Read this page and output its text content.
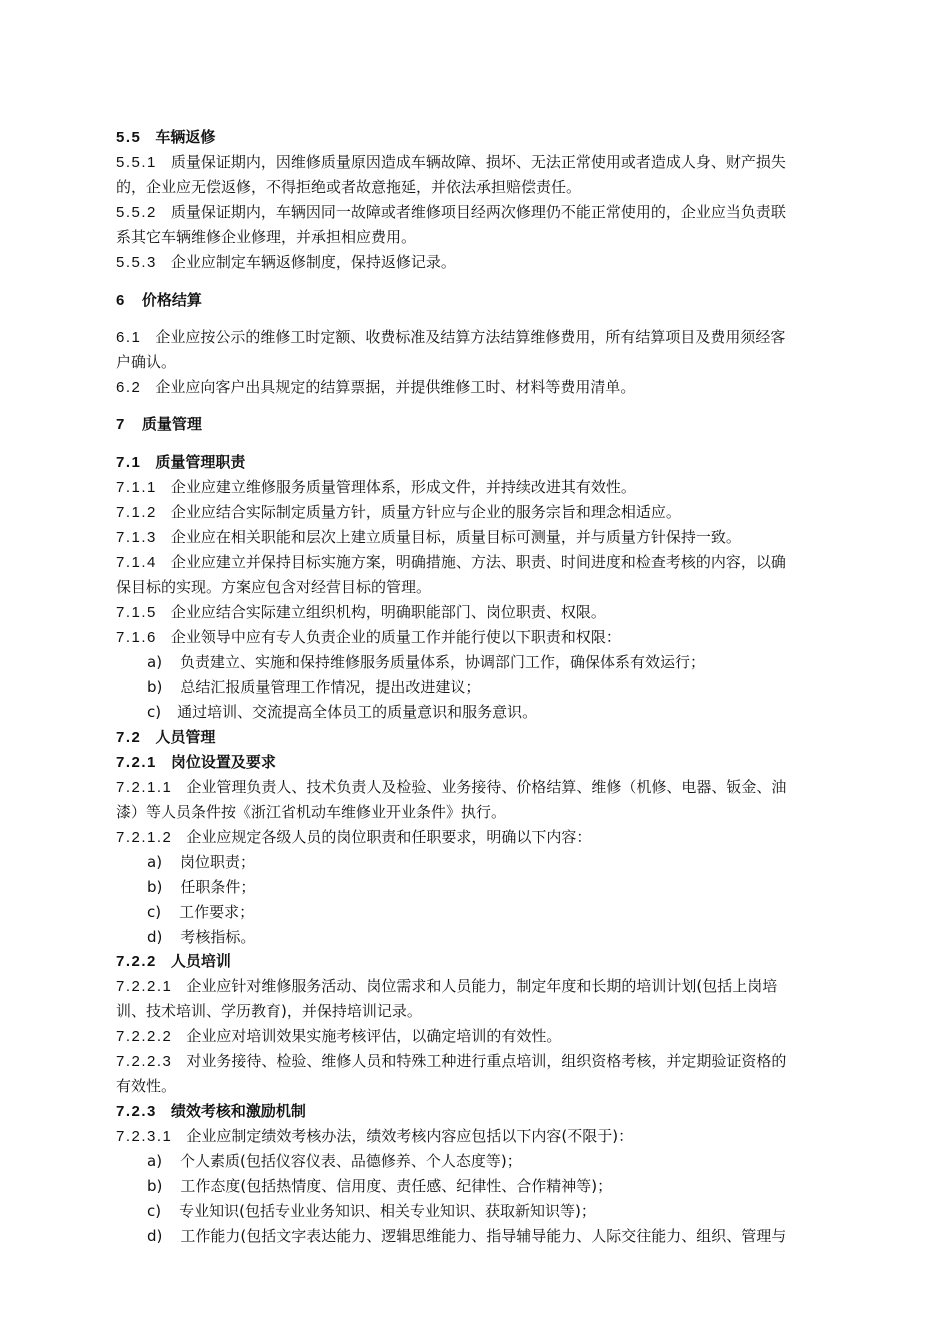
5.5 车辆返修
5.5.1 质量保证期内，因维修质量原因造成车辆故障、损坏、无法正常使用或者造成人身、财产损失
的，企业应无偿返修，不得拒绝或者故意拖延，并依法承担赔偿责任。
5.5.2 质量保证期内，车辆因同一故障或者维修项目经两次修理仍不能正常使用的，企业应当负责联
系其它车辆维修企业修理，并承担相应费用。
5.5.3 企业应制定车辆返修制度，保持返修记录。
6 价格结算
6.1 企业应按公示的维修工时定额、收费标准及结算方法结算维修费用，所有结算项目及费用须经客
户确认。
6.2 企业应向客户出具规定的结算票据，并提供维修工时、材料等费用清单。
7 质量管理
7.1 质量管理职责
7.1.1 企业应建立维修服务质量管理体系，形成文件，并持续改进其有效性。
7.1.2 企业应结合实际制定质量方针，质量方针应与企业的服务宗旨和理念相适应。
7.1.3 企业应在相关职能和层次上建立质量目标，质量目标可测量，并与质量方针保持一致。
7.1.4 企业应建立并保持目标实施方案，明确措施、方法、职责、时间进度和检查考核的内容，以确
保目标的实现。方案应包含对经营目标的管理。
7.1.5 企业应结合实际建立组织机构，明确职能部门、岗位职责、权限。
7.1.6 企业领导中应有专人负责企业的质量工作并能行使以下职责和权限：
a) 负责建立、实施和保持维修服务质量体系，协调部门工作，确保体系有效运行；
b) 总结汇报质量管理工作情况，提出改进建议；
c) 通过培训、交流提高全体员工的质量意识和服务意识。
7.2 人员管理
7.2.1 岗位设置及要求
7.2.1.1 企业管理负责人、技术负责人及检验、业务接待、价格结算、维修（机修、电器、钣金、油
漆）等人员条件按《浙江省机动车维修业开业条件》执行。
7.2.1.2 企业应规定各级人员的岗位职责和任职要求，明确以下内容：
a) 岗位职责；
b) 任职条件；
c) 工作要求；
d) 考核指标。
7.2.2 人员培训
7.2.2.1 企业应针对维修服务活动、岗位需求和人员能力，制定年度和长期的培训计划(包括上岗培
训、技术培训、学历教育)，并保持培训记录。
7.2.2.2 企业应对培训效果实施考核评估，以确定培训的有效性。
7.2.2.3 对业务接待、检验、维修人员和特殊工种进行重点培训，组织资格考核，并定期验证资格的
有效性。
7.2.3 绩效考核和激励机制
7.2.3.1 企业应制定绩效考核办法，绩效考核内容应包括以下内容(不限于)：
a) 个人素质(包括仪容仪表、品德修养、个人态度等)；
b) 工作态度(包括热情度、信用度、责任感、纪律性、合作精神等)；
c) 专业知识(包括专业业务知识、相关专业知识、获取新知识等)；
d) 工作能力(包括文字表达能力、逻辑思维能力、指导辅导能力、人际交往能力、组织、管理与
